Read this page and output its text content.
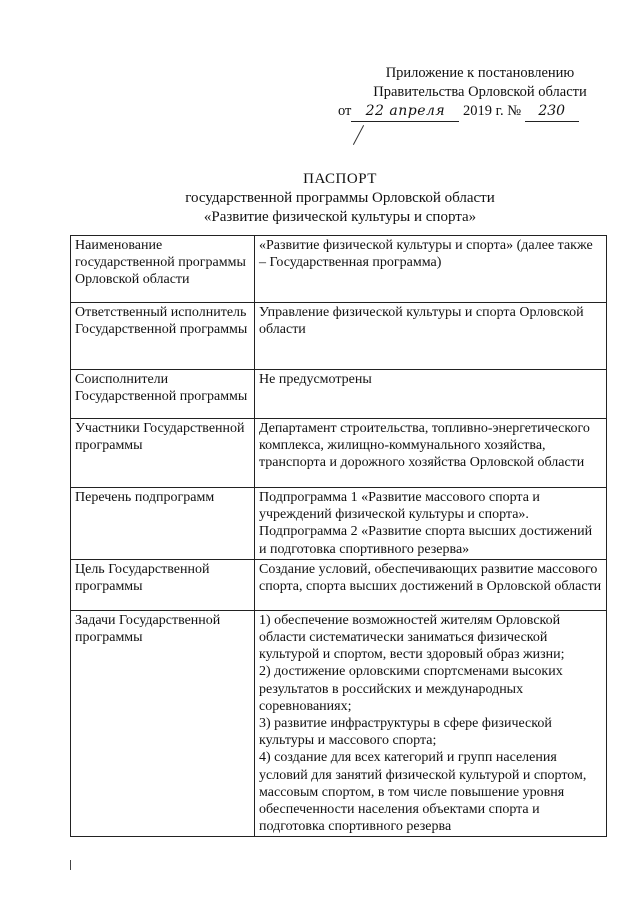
Приложение к постановлению
Правительства Орловской области
от 22 апреля 2019 г. № 230
ПАСПОРТ
государственной программы Орловской области
«Развитие физической культуры и спорта»
Наименование государственной программы Орловской области	«Развитие физической культуры и спорта» (далее также – Государственная программа)
Ответственный исполнитель Государственной программы	Управление физической культуры и спорта Орловской области
Соисполнители Государственной программы	Не предусмотрены
Участники Государственной программы	Департамент строительства, топливно-энергетического комплекса, жилищно-коммунального хозяйства, транспорта и дорожного хозяйства Орловской области
Перечень подпрограмм	Подпрограмма 1 «Развитие массового спорта и учреждений физической культуры и спорта». Подпрограмма 2 «Развитие спорта высших достижений и подготовка спортивного резерва»
Цель Государственной программы	Создание условий, обеспечивающих развитие массового спорта, спорта высших достижений в Орловской области
Задачи Государственной программы	1) обеспечение возможностей жителям Орловской области систематически заниматься физической культурой и спортом, вести здоровый образ жизни;
2) достижение орловскими спортсменами высоких результатов в российских и международных соревнованиях;
3) развитие инфраструктуры в сфере физической культуры и массового спорта;
4) создание для всех категорий и групп населения условий для занятий физической культурой и спортом, массовым спортом, в том числе повышение уровня обеспеченности населения объектами спорта и подготовка спортивного резерва
